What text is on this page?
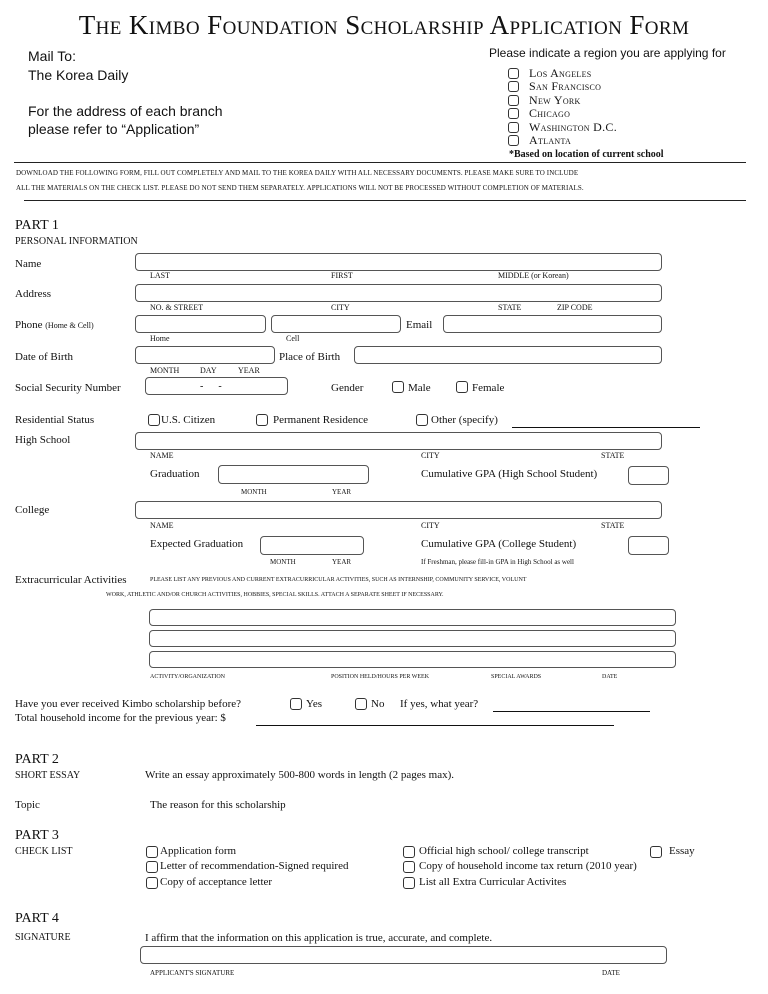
The Kimbo Foundation Scholarship Application Form
Mail To:
The Korea Daily
For the address of each branch
please refer to “Application”
Please indicate a region you are applying for
Los Angeles
San Francisco
New York
Chicago
Washington D.C.
Atlanta
*Based on location of current school
DOWNLOAD THE FOLLOWING FORM, FILL OUT COMPLETELY AND MAIL TO THE KOREA DAILY WITH ALL NECESSARY DOCUMENTS. PLEASE MAKE SURE TO INCLUDE
ALL THE MATERIALS ON THE CHECK LIST. PLEASE DO NOT SEND THEM SEPARATELY. APPLICATIONS WILL NOT BE PROCESSED WITHOUT COMPLETION OF MATERIALS.
PART 1
PERSONAL INFORMATION
Name
LAST	FIRST	MIDDLE (or Korean)
Address
NO. & STREET	CITY	STATE	ZIP CODE
Phone (Home & Cell)
Home	Cell
Email
Date of Birth
MONTH	DAY	YEAR
Place of Birth
Social Security Number	-      -	Gender	Male	Female
Residential Status	U.S. Citizen	Permanent Residence	Other (specify)
High School
NAME	CITY	STATE
Graduation
MONTH	YEAR
Cumulative GPA (High School Student)
College
NAME	CITY	STATE
Expected Graduation
MONTH	YEAR
Cumulative GPA (College Student)
If Freshman, please fill-in GPA in High School as well
Extracurricular Activities	PLEASE LIST ANY PREVIOUS AND CURRENT EXTRACURRICULAR ACTIVITIES, SUCH AS INTERNSHIP, COMMUNITY SERVICE, VOLUNT
WORK, ATHLETIC AND/OR CHURCH ACTIVITIES, HOBBIES, SPECIAL SKILLS. ATTACH A SEPARATE SHEET IF NECESSARY.
ACTIVITY/ORGANIZATION	POSITION HELD/HOURS PER WEEK	SPECIAL AWARDS	DATE
Have you ever received Kimbo scholarship before?	Yes	No If yes, what year?
Total household income for the previous year: $
PART 2
SHORT ESSAY	Write an essay approximately 500-800 words in length (2 pages max).
Topic	The reason for this scholarship
PART 3
CHECK LIST	Application form
Letter of recommendation-Signed required
Copy of acceptance letter
Official high school/ college transcript
Copy of household income tax return (2010 year)
List all Extra Curricular Activites
Essay
PART 4
SIGNATURE	I affirm that the information on this application is true, accurate, and complete.
APPLICANT'S SIGNATURE	DATE
